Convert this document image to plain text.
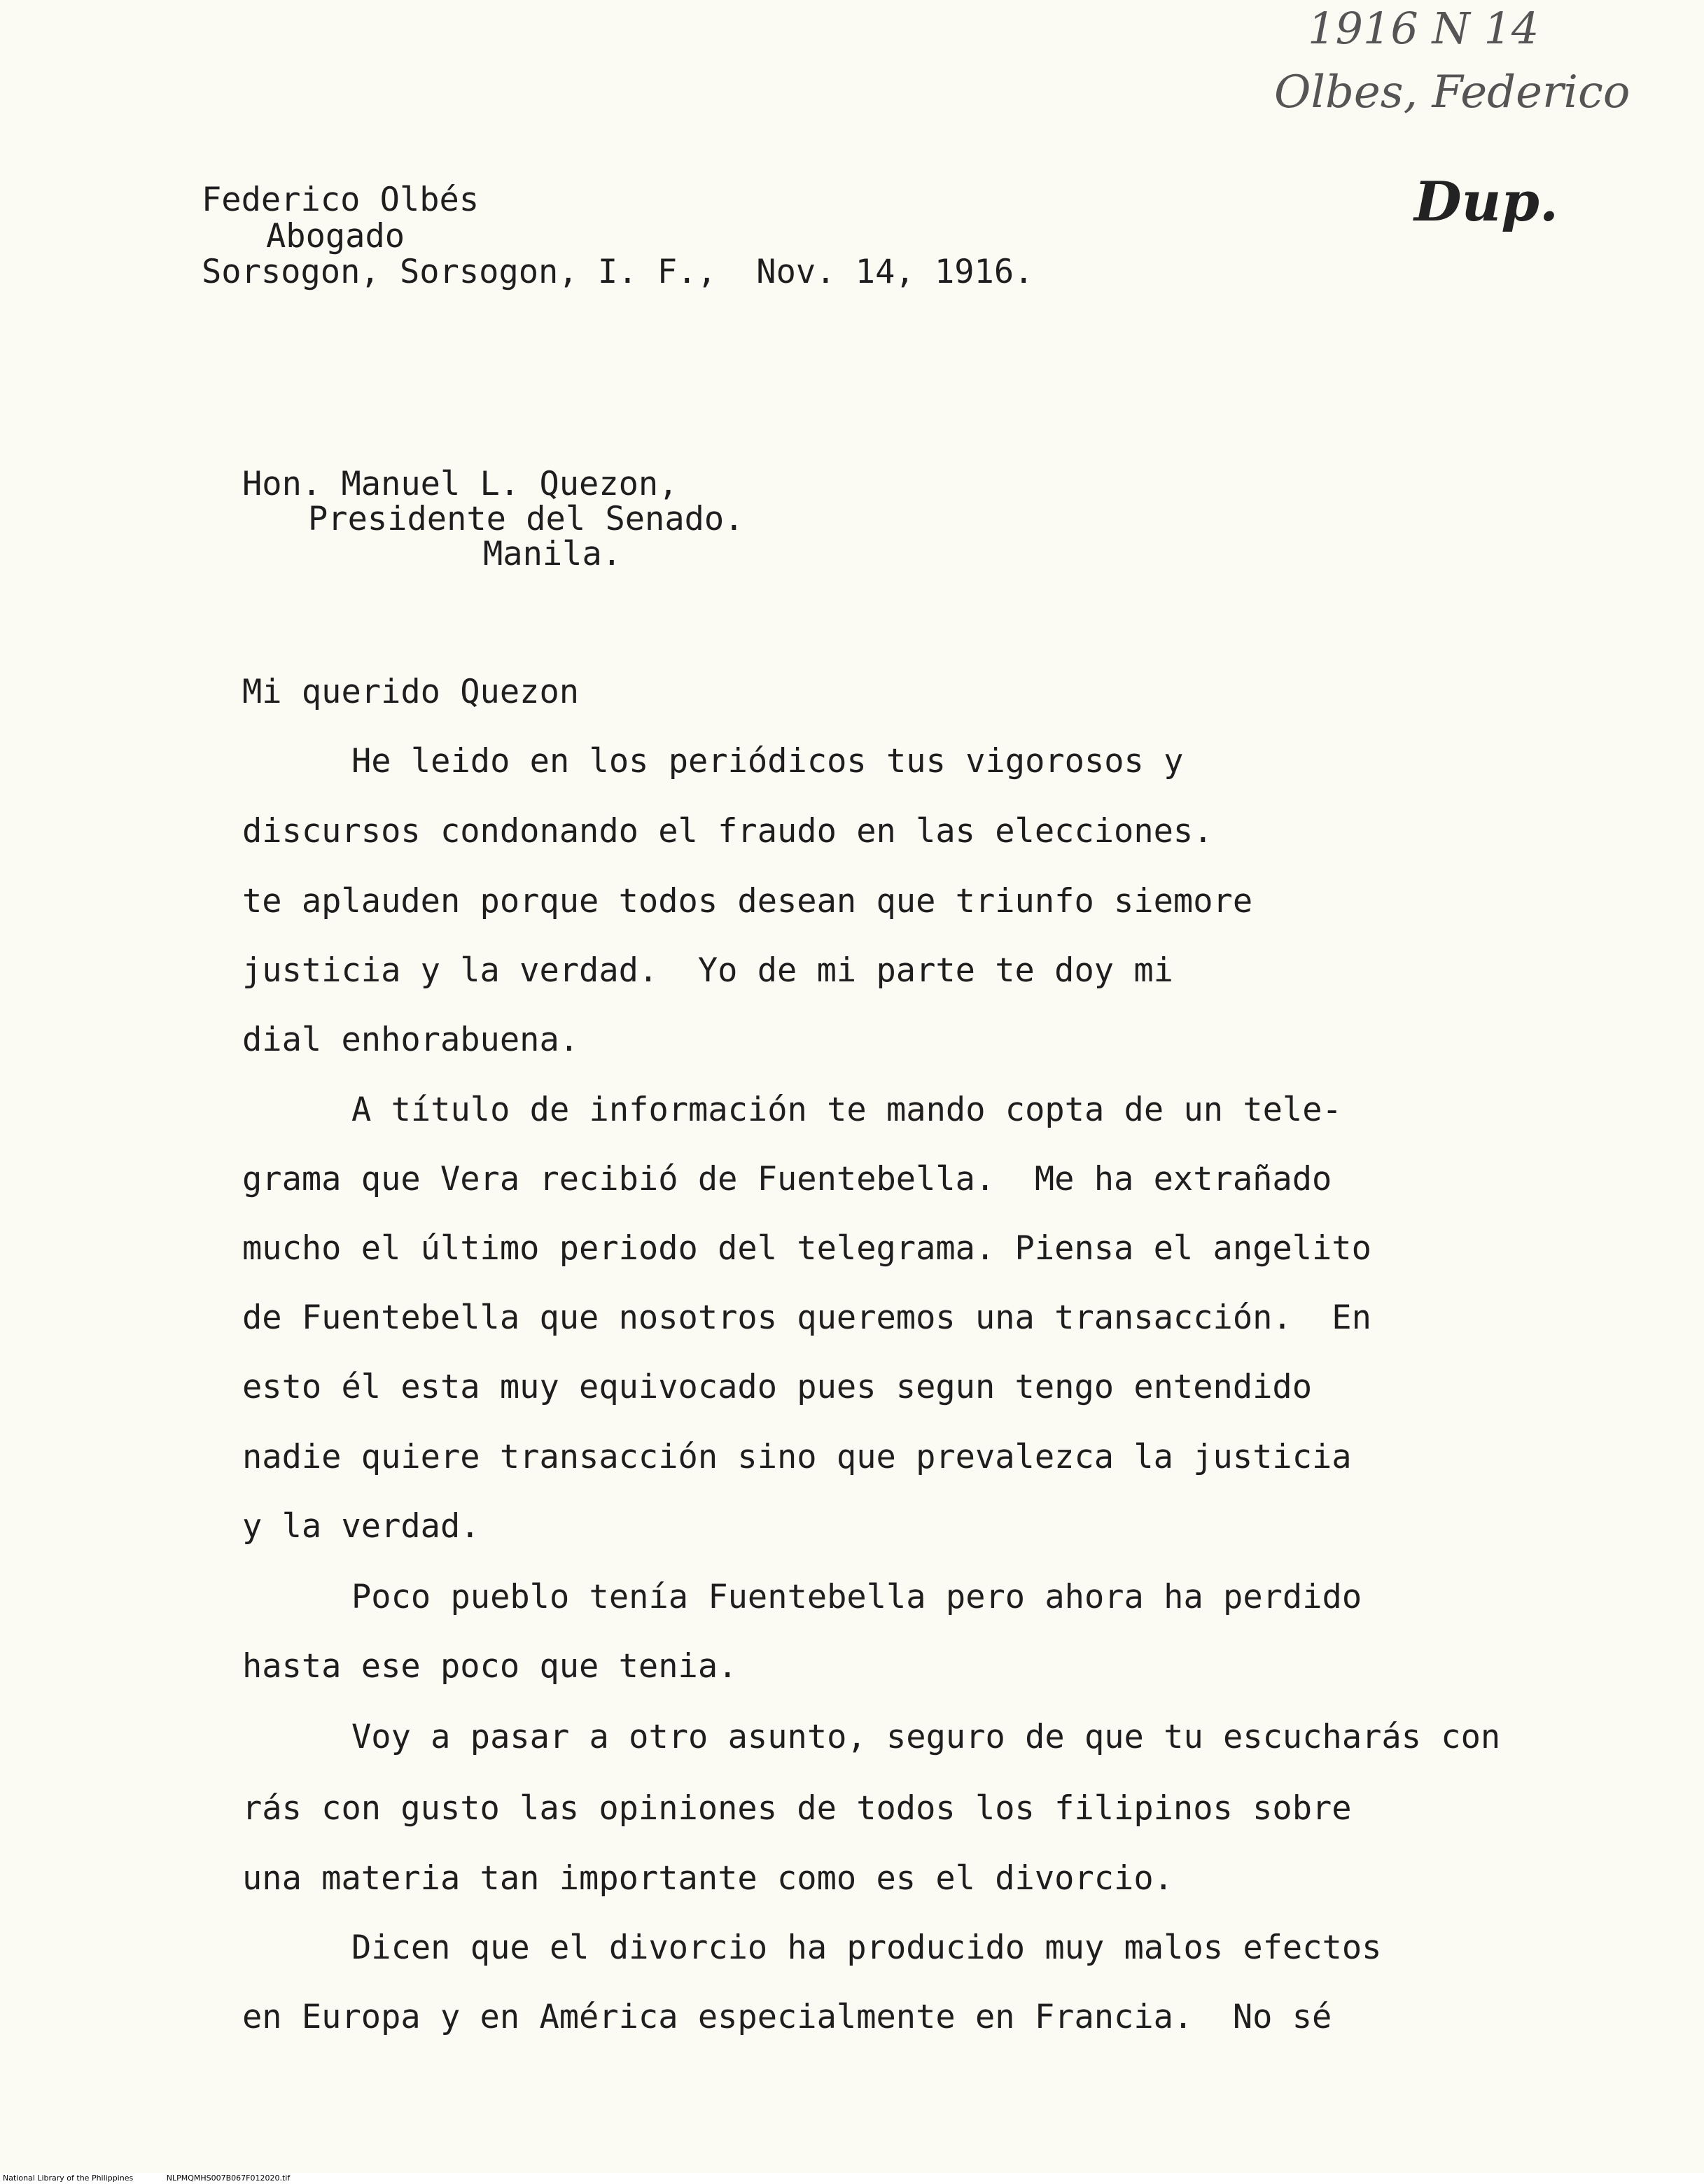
1916 N 14
Olbes, Federico
Dup.
Federico Olbés
Abogado
Sorsogon, Sorsogon, I. F.,  Nov. 14, 1916.
Hon. Manuel L. Quezon,
Presidente del Senado.
Manila.
Mi querido Quezon
He leido en los periódicos tus vigorosos y
discursos condonando el fraudo en las elecciones.
te aplauden porque todos desean que triunfo siemore
justicia y la verdad.  Yo de mi parte te doy mi
dial enhorabuena.
A título de información te mando copta de un tele-
grama que Vera recibió de Fuentebella.  Me ha extrañado
mucho el último periodo del telegrama. Piensa el angelito
de Fuentebella que nosotros queremos una transacción.  En
esto él esta muy equivocado pues segun tengo entendido
nadie quiere transacción sino que prevalezca la justicia
y la verdad.
Poco pueblo tenía Fuentebella pero ahora ha perdido
hasta ese poco que tenia.
Voy a pasar a otro asunto, seguro de que tu escucharás con
rás con gusto las opiniones de todos los filipinos sobre
una materia tan importante como es el divorcio.
Dicen que el divorcio ha producido muy malos efectos
en Europa y en América especialmente en Francia.  No sé
National Library of the Philippines	NLPMQMHS007B067F012020.tif
